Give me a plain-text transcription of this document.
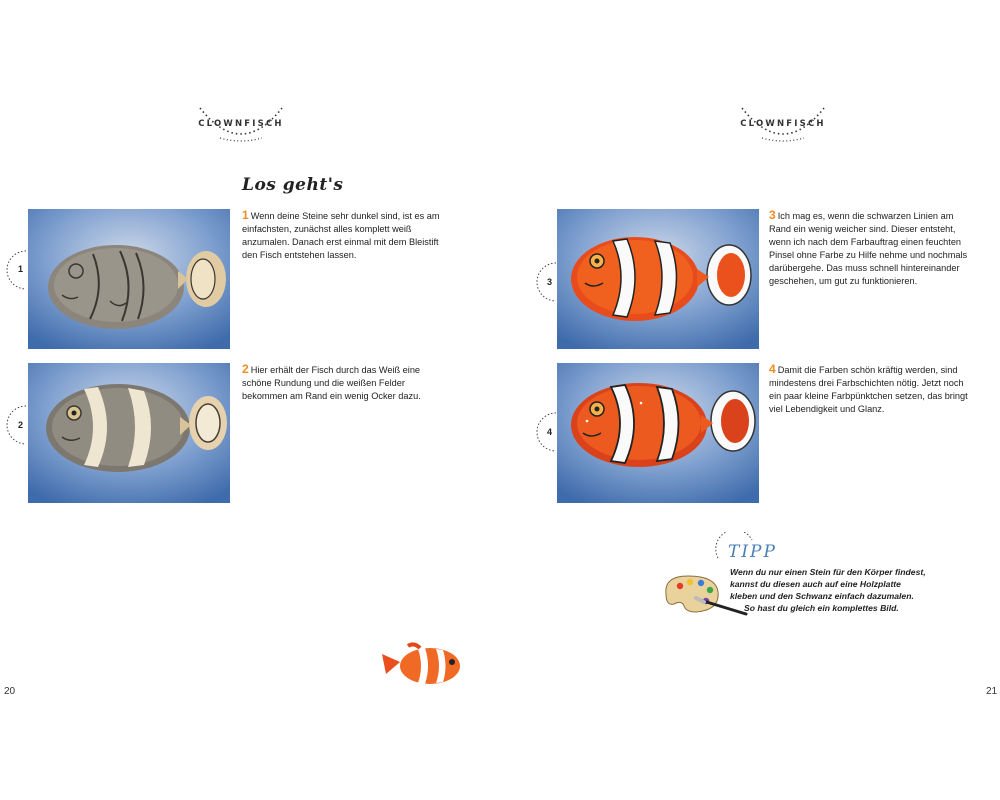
CLOWNFISCH
Los geht's
1
1 Wenn deine Steine sehr dunkel sind, ist es am einfachsten, zunächst alles komplett weiß anzumalen. Danach erst einmal mit dem Bleistift den Fisch entstehen lassen.
2
2 Hier erhält der Fisch durch das Weiß eine schöne Rundung und die weißen Felder bekommen am Rand ein wenig Ocker dazu.
20
CLOWNFISCH
3
3 Ich mag es, wenn die schwarzen Linien am Rand ein wenig weicher sind. Dieser entsteht, wenn ich nach dem Farbauftrag einen feuchten Pinsel ohne Farbe zu Hilfe nehme und nochmals darübergehe. Das muss schnell hintereinander geschehen, um gut zu funktionieren.
4
4 Damit die Farben schön kräftig werden, sind mindestens drei Farbschichten nötig. Jetzt noch ein paar kleine Farbpünktchen setzen, das bringt viel Lebendigkeit und Glanz.
TIPP
Wenn du nur einen Stein für den Körper findest,
kannst du diesen auch auf eine Holzplatte
kleben und den Schwanz einfach dazumalen.
So hast du gleich ein komplettes Bild.
21
